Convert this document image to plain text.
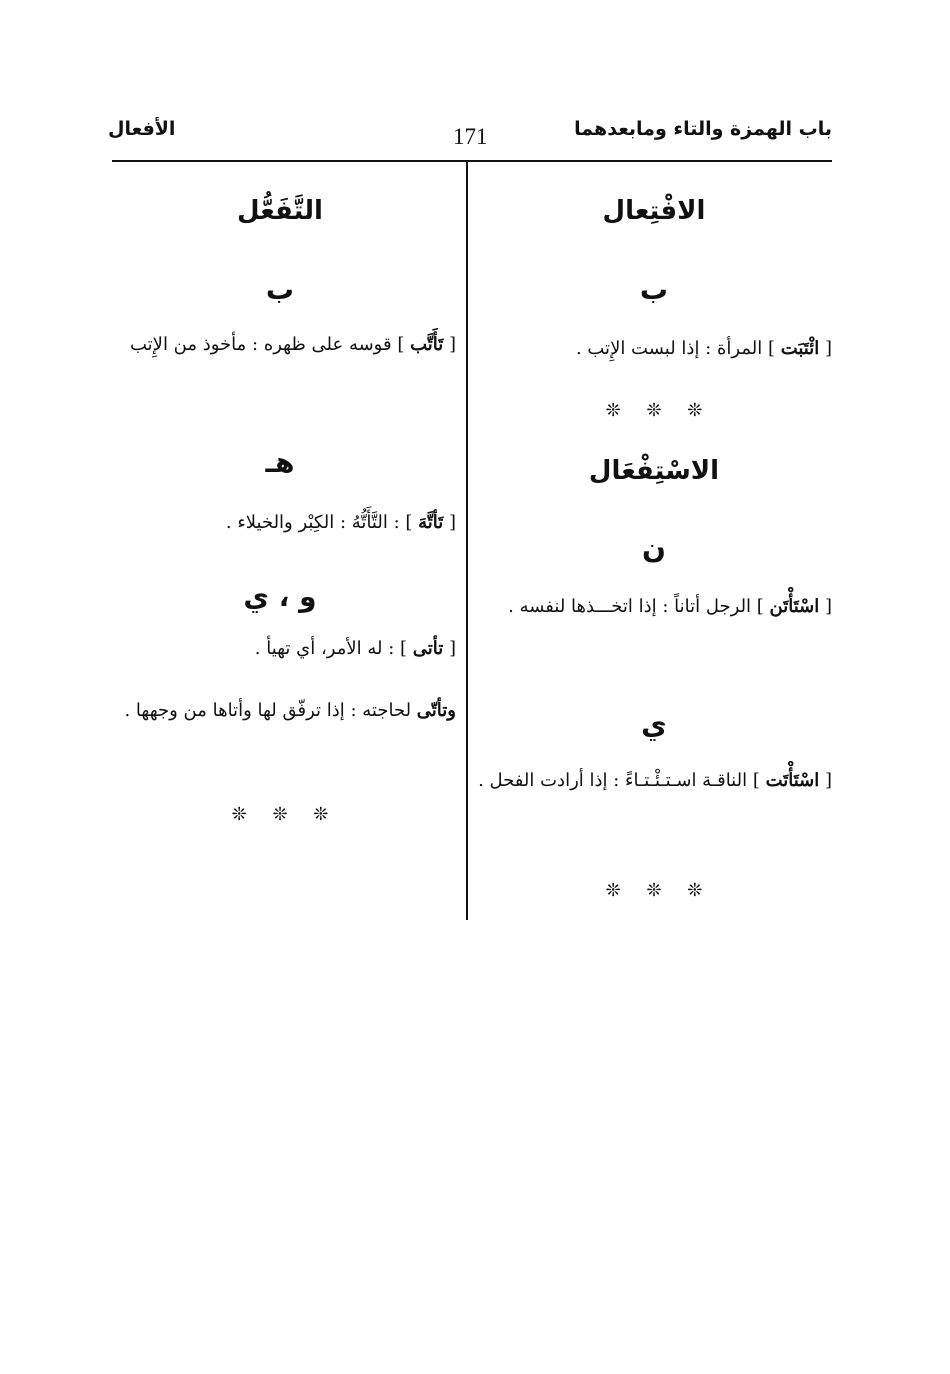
باب الهمزة والتاء ومابعدهما
171
الأفعال
الافْتِعال
ب
[ ائْتَبَت ] المرأة : إذا لبست الإِتب .
❊ ❊ ❊
الاسْتِفْعَال
ن
[ اسْتَأْتَن ] الرجل أتاناً : إذا اتخـــذها لنفسه .
ي
[ اسْتَأْتَت ] الناقـة اسـتـئْـتـاءً : إذا أرادت الفحل .
❊ ❊ ❊
التَّفَعُّل
ب
[ تَأَتَّب ] قوسه على ظهره : مأخوذ من الإِتب
هـ
[ تَأتَّهَ ] : التَّأَتُّهُ : الكِبْر والخيلاء .
و ، ي
[ تأتى ] : له الأمر، أي تهيأ .
وتأتّى لحاجته : إذا ترفّق لها وأتاها من وجهها .
❊ ❊ ❊
